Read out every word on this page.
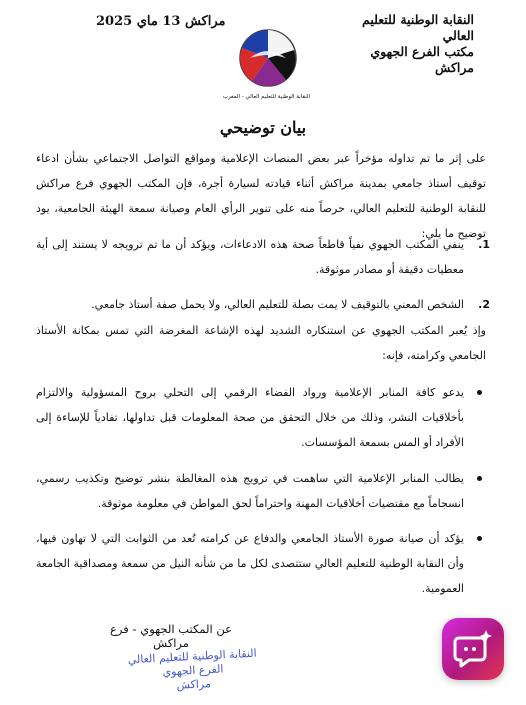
النقابة الوطنية للتعليم
العالي
مكتب الفرع الجهوي
مراكش
مراكش 13 ماي 2025
النقابة الوطنية للتعليم العالي - المغرب
بيان توضيحي
على إثر ما تم تداوله مؤخراً عبر بعض المنصات الإعلامية ومواقع التواصل الاجتماعي بشأن ادعاء توقيف أستاذ جامعي بمدينة مراكش أثناء قيادته لسيارة أجرة، فإن المكتب الجهوي فرع مراكش للنقابة الوطنية للتعليم العالي، حرصاً منه على تنوير الرأي العام وصيانة سمعة الهيئة الجامعية، يود توضيح ما يلي:
1.
ينفي المكتب الجهوي نفياً قاطعاً صحة هذه الادعاءات، ويؤكد أن ما تم ترويجه لا يستند إلى أية معطيات دقيقة أو مصادر موثوقة.
2.
الشخص المعني بالتوقيف لا يمت بصلة للتعليم العالي، ولا يحمل صفة أستاذ جامعي.
وإذ يُعبر المكتب الجهوي عن استنكاره الشديد لهذه الإشاعة المغرضة التي تمس بمكانة الأستاذ الجامعي وكرامته، فإنه:
يدعو كافة المنابر الإعلامية ورواد الفضاء الرقمي إلى التحلي بروح المسؤولية والالتزام بأخلاقيات النشر، وذلك من خلال التحقق من صحة المعلومات قبل تداولها، تفادياً للإساءة إلى الأفراد أو المس بسمعة المؤسسات.
يطالب المنابر الإعلامية التي ساهمت في ترويج هذه المغالطة بنشر توضيح وتكذيب رسمي، انسجاماً مع مقتضيات أخلاقيات المهنة واحتراماً لحق المواطن في معلومة موثوقة.
يؤكد أن صيانة صورة الأستاذ الجامعي والدفاع عن كرامته تُعد من الثوابت التي لا تهاون فيها، وأن النقابة الوطنية للتعليم العالي ستتصدى لكل ما من شأنه النيل من سمعة ومصداقية الجامعة العمومية.
عن المكتب الجهوي - فرع مراكش
النقابة الوطنية للتعليم العالي
الفرع الجهوي
مراكش
